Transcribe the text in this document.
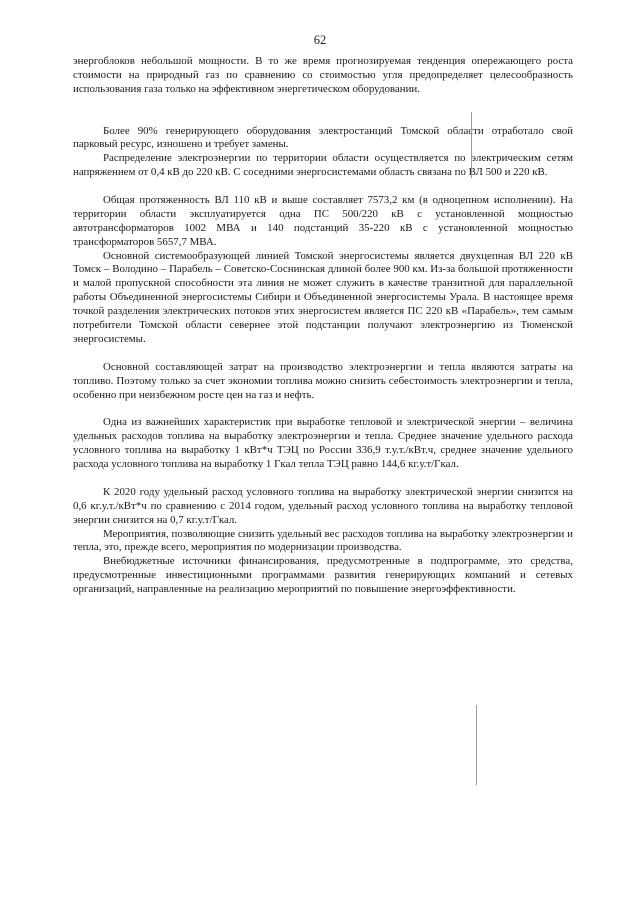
62

энергоблоков небольшой мощности. В то же время прогнозируемая тенденция опережающего роста стоимости на природный газ по сравнению со стоимостью угля предопределяет целесообразность использования газа только на эффективном энергетическом оборудовании.

Более 90% генерирующего оборудования электростанций Томской области отработало свой парковый ресурс, изношено и требует замены.

Распределение электроэнергии по территории области осуществляется по электрическим сетям напряжением от 0,4 кВ до 220 кВ. С соседними энергосистемами область связана по ВЛ 500 и 220 кВ.

Общая протяженность ВЛ 110 кВ и выше составляет 7573,2 км (в одноцепном исполнении). На территории области эксплуатируется одна ПС 500/220 кВ с установленной мощностью автотрансформаторов 1002 МВА и 140 подстанций 35-220 кВ с установленной мощностью трансформаторов 5657,7 МВА.

Основной системообразующей линией Томской энергосистемы является двухцепная ВЛ 220 кВ Томск – Володино – Парабель – Советско-Соснинская длиной более 900 км. Из-за большой протяженности и малой пропускной способности эта линия не может служить в качестве транзитной для параллельной работы Объединенной энергосистемы Сибири и Объединенной энергосистемы Урала. В настоящее время точкой разделения электрических потоков этих энергосистем является ПС 220 кВ «Парабель», тем самым потребители Томской области севернее этой подстанции получают электроэнергию из Тюменской энергосистемы.

Основной составляющей затрат на производство электроэнергии и тепла являются затраты на топливо. Поэтому только за счет экономии топлива можно снизить себестоимость электроэнергии и тепла, особенно при неизбежном росте цен на газ и нефть.

Одна из важнейших характеристик при выработке тепловой и электрической энергии – величина удельных расходов топлива на выработку электроэнергии и тепла. Среднее значение удельного расхода условного топлива на выработку 1 кВт*ч ТЭЦ по России 336,9 т.у.т./кВт.ч, среднее значение удельного расхода условного топлива на выработку 1 Гкал тепла ТЭЦ равно 144,6 кг.у.т/Гкал.

К 2020 году удельный расход условного топлива на выработку электрической энергии снизится на 0,6 кг.у.т./кВт*ч по сравнению с 2014 годом, удельный расход условного топлива на выработку тепловой энергии снизится на 0,7 кг.у.т/Гкал.

Мероприятия, позволяющие снизить удельный вес расходов топлива на выработку электроэнергии и тепла, это, прежде всего, мероприятия по модернизации производства.

Внебюджетные источники финансирования, предусмотренные в подпрограмме, это средства, предусмотренные инвестиционными программами развития генерирующих компаний и сетевых организаций, направленные на реализацию мероприятий по повышение энергоэффективности.
